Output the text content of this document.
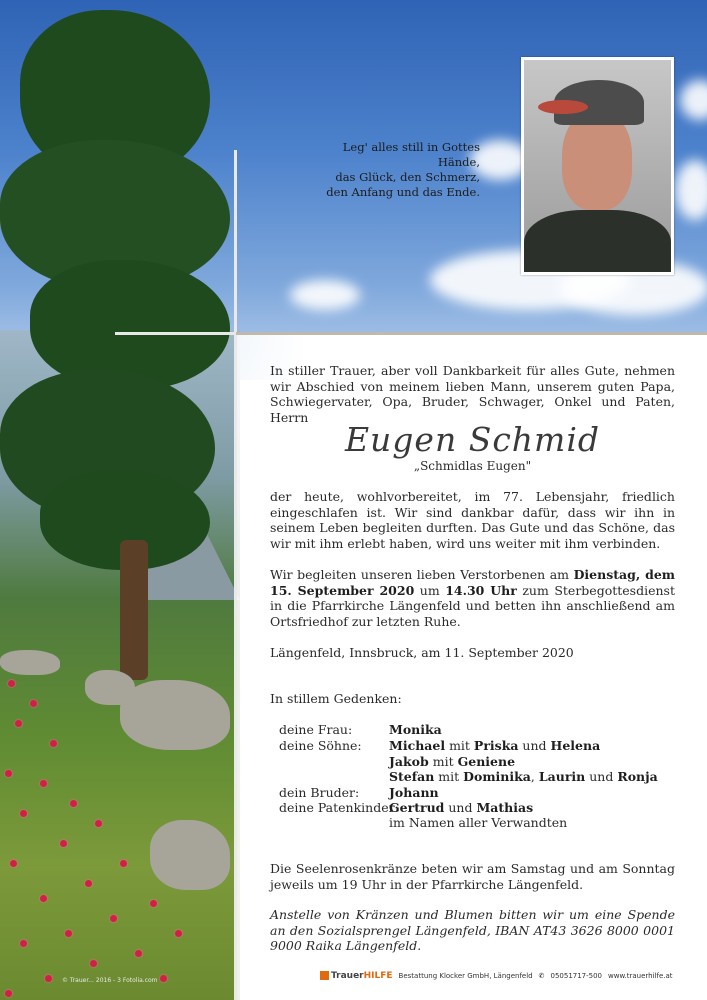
Leg' alles still in Gottes Hände,
das Glück, den Schmerz,
den Anfang und das Ende.
In stiller Trauer, aber voll Dankbarkeit für alles Gute, nehmen wir Abschied von meinem lieben Mann, unserem guten Papa, Schwiegervater, Opa, Bruder, Schwager, Onkel und Paten, Herrn
Eugen Schmid
„Schmidlas Eugen"
der heute, wohlvorbereitet, im 77. Lebensjahr, friedlich eingeschlafen ist. Wir sind dankbar dafür, dass wir ihn in seinem Leben begleiten durften. Das Gute und das Schöne, das wir mit ihm erlebt haben, wird uns weiter mit ihm verbinden.
Wir begleiten unseren lieben Verstorbenen am Dienstag, dem 15. September 2020 um 14.30 Uhr zum Sterbegottesdienst in die Pfarrkirche Längenfeld und betten ihn anschließend am Ortsfriedhof zur letzten Ruhe.
Längenfeld, Innsbruck, am 11. September 2020
In stillem Gedenken:
deine Frau:	Monika
deine Söhne: Michael mit Priska und Helena
Jakob mit Geniene
Stefan mit Dominika, Laurin und Ronja
dein Bruder: Johann
deine Patenkinder:
Gertrud und Mathias
im Namen aller Verwandten
Die Seelenrosenkränze beten wir am Samstag und am Sonntag jeweils um 19 Uhr in der Pfarrkirche Längenfeld.
Anstelle von Kränzen und Blumen bitten wir um eine Spende an den Sozialsprengel Längenfeld, IBAN AT43 3626 8000 0001 9000 Raika Längenfeld.
TrauerHILFE Bestattung Klocker GmbH, Längenfeld ✆ 05051717-500 www.trauerhilfe.at
© Trauer... 2016 - 3 Fotolia.com
